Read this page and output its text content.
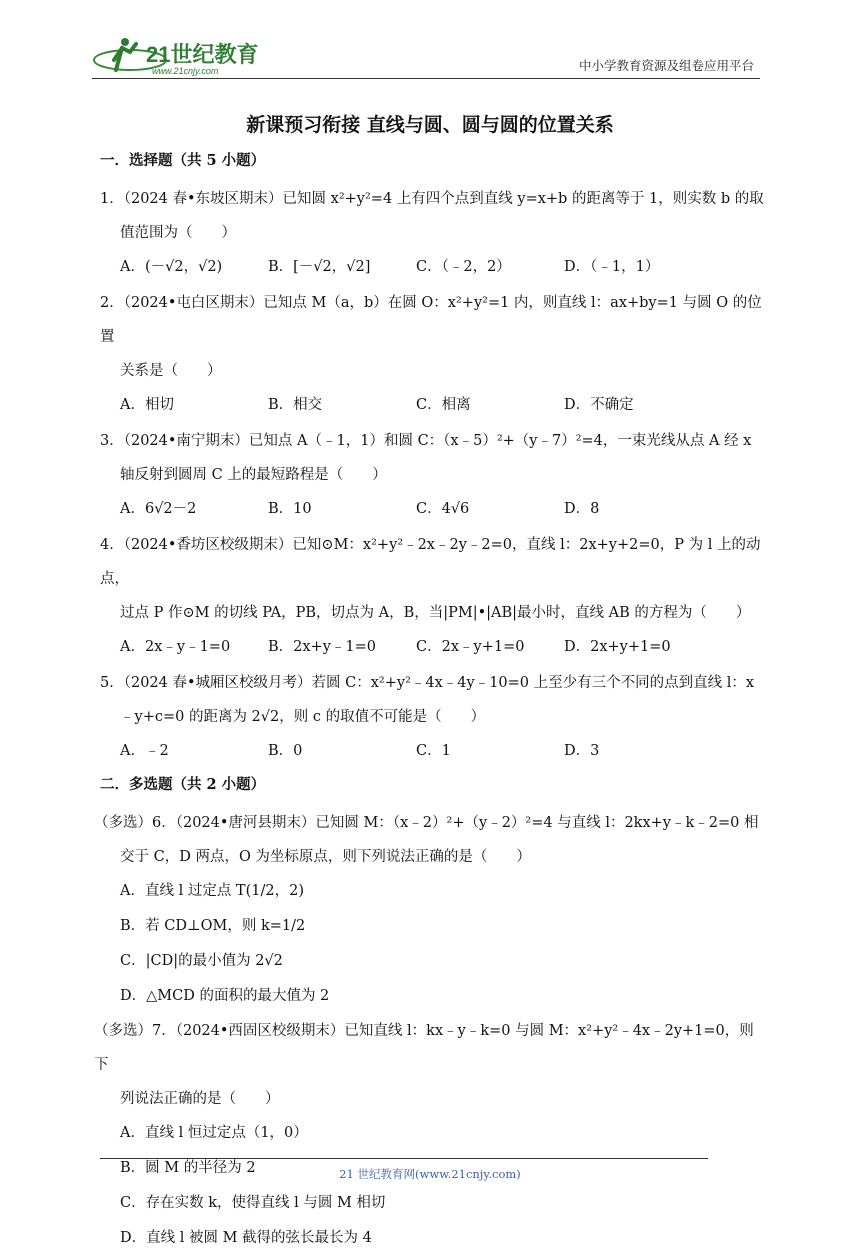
21世纪教育
www.21cnjy.com	中小学教育资源及组卷应用平台
新课预习衔接 直线与圆、圆与圆的位置关系
一．选择题（共 5 小题）
1．（2024 春•东坡区期末）已知圆 x²+y²=4 上有四个点到直线 y=x+b 的距离等于 1，则实数 b 的取
值范围为（　　）
A．(－√2，√2)	B．[－√2，√2]	C．（﹣2，2）	D．（﹣1，1）
2．（2024•屯白区期末）已知点 M（a，b）在圆 O：x²+y²=1 内，则直线 l：ax+by=1 与圆 O 的位置
关系是（　　）
A．相切	B．相交	C．相离	D．不确定
3．（2024•南宁期末）已知点 A（﹣1，1）和圆 C：（x﹣5）²+（y﹣7）²=4，一束光线从点 A 经 x
轴反射到圆周 C 上的最短路程是（　　）
A．6√2－2	B．10	C．4√6	D．8
4．（2024•香坊区校级期末）已知⊙M：x²+y²﹣2x﹣2y﹣2=0，直线 l：2x+y+2=0，P 为 l 上的动点，
过点 P 作⊙M 的切线 PA，PB，切点为 A，B，当|PM|•|AB|最小时，直线 AB 的方程为（　　）
A．2x﹣y﹣1=0	B．2x+y﹣1=0	C．2x﹣y+1=0	D．2x+y+1=0
5．（2024 春•城厢区校级月考）若圆 C：x²+y²﹣4x﹣4y﹣10=0 上至少有三个不同的点到直线 l：x
﹣y+c=0 的距离为 2√2，则 c 的取值不可能是（　　）
A．﹣2	B．0	C．1	D．3
二．多选题（共 2 小题）
（多选）6．（2024•唐河县期末）已知圆 M：（x﹣2）²+（y﹣2）²=4 与直线 l：2kx+y﹣k﹣2=0 相
交于 C，D 两点，O 为坐标原点，则下列说法正确的是（　　）
A．直线 l 过定点 T(1/2，2)
B．若 CD⊥OM，则 k=1/2
C．|CD|的最小值为 2√2
D．△MCD 的面积的最大值为 2
（多选）7．（2024•西固区校级期末）已知直线 l：kx﹣y﹣k=0 与圆 M：x²+y²﹣4x﹣2y+1=0，则下
列说法正确的是（　　）
A．直线 l 恒过定点（1，0）
B．圆 M 的半径为 2
C．存在实数 k，使得直线 l 与圆 M 相切
D．直线 l 被圆 M 截得的弦长最长为 4
21 世纪教育网(www.21cnjy.com)
